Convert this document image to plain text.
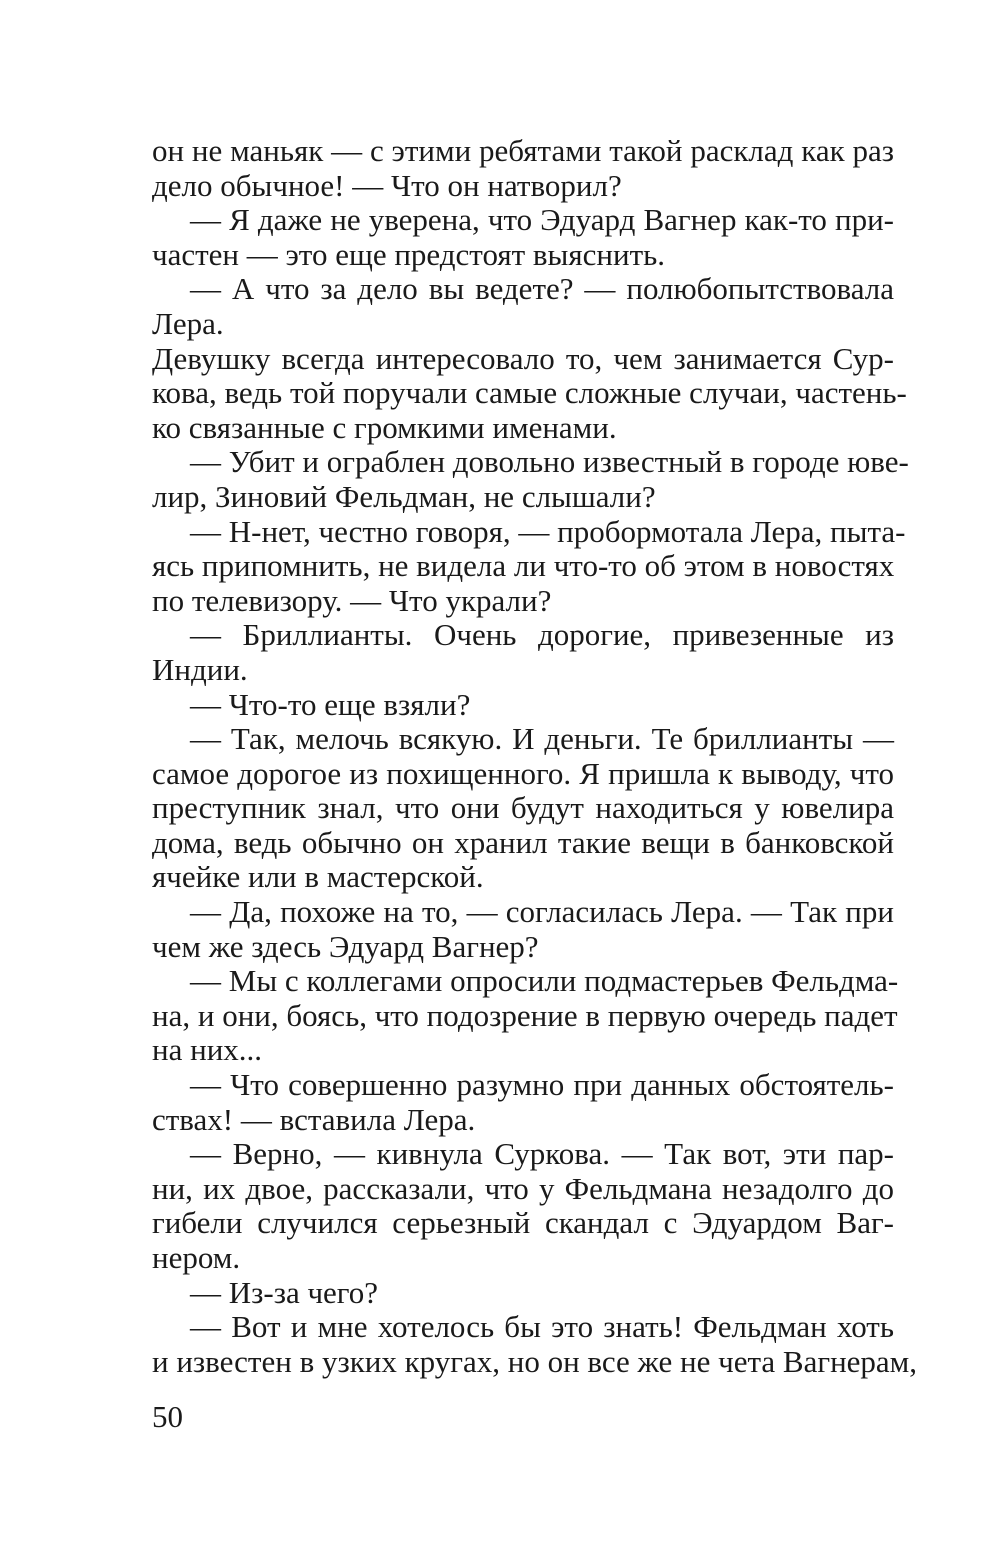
он не маньяк — с этими ребятами такой расклад как раз
дело обычное! — Что он натворил?
— Я даже не уверена, что Эдуард Вагнер как-то при-
частен — это еще предстоят выяснить.
— А что за дело вы ведете? — полюбопытствовала
Лера.
Девушку всегда интересовало то, чем занимается Сур-
кова, ведь той поручали самые сложные случаи, частень-
ко связанные с громкими именами.
— Убит и ограблен довольно известный в городе юве-
лир, Зиновий Фельдман, не слышали?
— Н-нет, честно говоря, — пробормотала Лера, пыта-
ясь припомнить, не видела ли что-то об этом в новостях
по телевизору. — Что украли?
— Бриллианты. Очень дорогие, привезенные из
Индии.
— Что-то еще взяли?
— Так, мелочь всякую. И деньги. Те бриллианты —
самое дорогое из похищенного. Я пришла к выводу, что
преступник знал, что они будут находиться у ювелира
дома, ведь обычно он хранил такие вещи в банковской
ячейке или в мастерской.
— Да, похоже на то, — согласилась Лера. — Так при
чем же здесь Эдуард Вагнер?
— Мы с коллегами опросили подмастерьев Фельдма-
на, и они, боясь, что подозрение в первую очередь падет
на них...
— Что совершенно разумно при данных обстоятель-
ствах! — вставила Лера.
— Верно, — кивнула Суркова. — Так вот, эти пар-
ни, их двое, рассказали, что у Фельдмана незадолго до
гибели случился серьезный скандал с Эдуардом Ваг-
нером.
— Из-за чего?
— Вот и мне хотелось бы это знать! Фельдман хоть
и известен в узких кругах, но он все же не чета Вагнерам,
50
